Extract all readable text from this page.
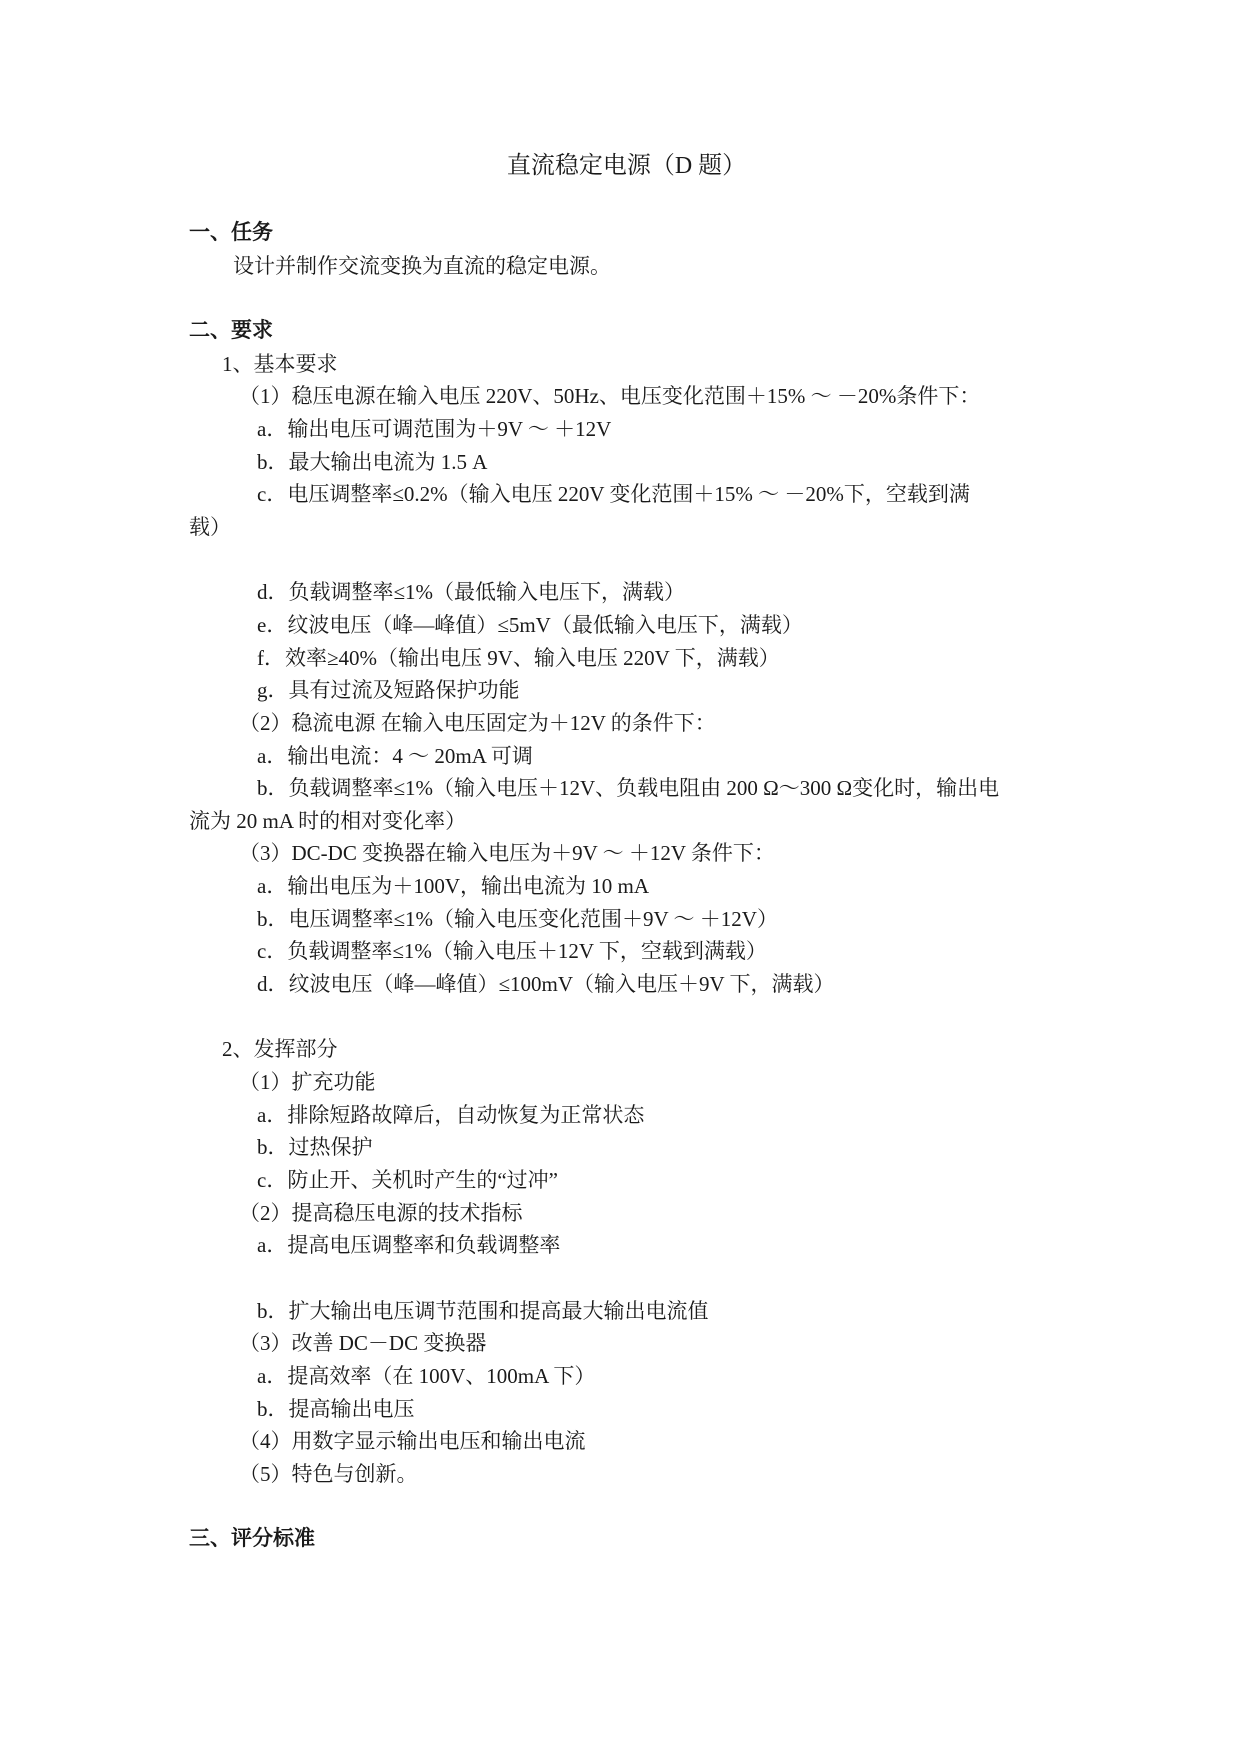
直流稳定电源（D 题）
一、任务
设计并制作交流变换为直流的稳定电源。
二、要求
1、基本要求
（1）稳压电源在输入电压 220V、50Hz、电压变化范围＋15% ～ －20%条件下：
a．输出电压可调范围为＋9V ～ ＋12V
b．最大输出电流为 1.5 A
c．电压调整率≤0.2%（输入电压 220V 变化范围＋15% ～ －20%下，空载到满
载）
d．负载调整率≤1%（最低输入电压下，满载）
e．纹波电压（峰—峰值）≤5mV（最低输入电压下，满载）
f．效率≥40%（输出电压 9V、输入电压 220V 下，满载）
g．具有过流及短路保护功能
（2）稳流电源 在输入电压固定为＋12V 的条件下：
a．输出电流：4 ～ 20mA 可调
b．负载调整率≤1%（输入电压＋12V、负载电阻由 200 Ω～300 Ω变化时，输出电
流为 20 mA 时的相对变化率）
（3）DC-DC 变换器在输入电压为＋9V ～ ＋12V 条件下：
a．输出电压为＋100V，输出电流为 10 mA
b．电压调整率≤1%（输入电压变化范围＋9V ～ ＋12V）
c．负载调整率≤1%（输入电压＋12V 下，空载到满载）
d．纹波电压（峰—峰值）≤100mV（输入电压＋9V 下，满载）
2、发挥部分
（1）扩充功能
a．排除短路故障后，自动恢复为正常状态
b．过热保护
c．防止开、关机时产生的“过冲”
（2）提高稳压电源的技术指标
a．提高电压调整率和负载调整率
b．扩大输出电压调节范围和提高最大输出电流值
（3）改善 DC－DC 变换器
a．提高效率（在 100V、100mA 下）
b．提高输出电压
（4）用数字显示输出电压和输出电流
（5）特色与创新。
三、评分标准
